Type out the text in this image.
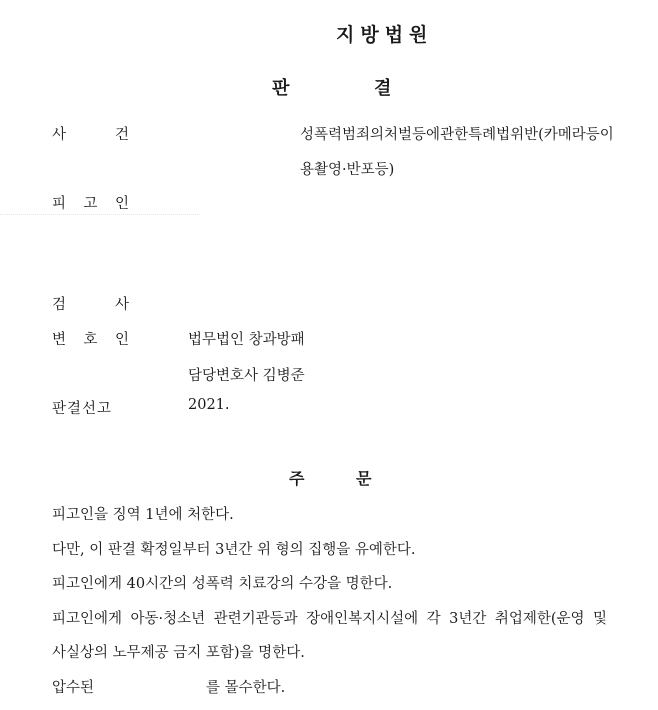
지방법원
판	결
사 건	성폭력범죄의처벌등에관한특례법위반(카메라등이
용촬영·반포등)
피 고 인
검 사
변 호 인	법무법인 창과방패
담당변호사 김병준
판결선고	2021.
주	문
피고인을 징역 1년에 처한다.
다만, 이 판결 확정일부터 3년간 위 형의 집행을 유예한다.
피고인에게 40시간의 성폭력 치료강의 수강을 명한다.
피고인에게 아동·청소년 관련기관등과 장애인복지시설에 각 3년간 취업제한(운영 및
사실상의 노무제공 금지 포함)을 명한다.
압수된	를 몰수한다.
